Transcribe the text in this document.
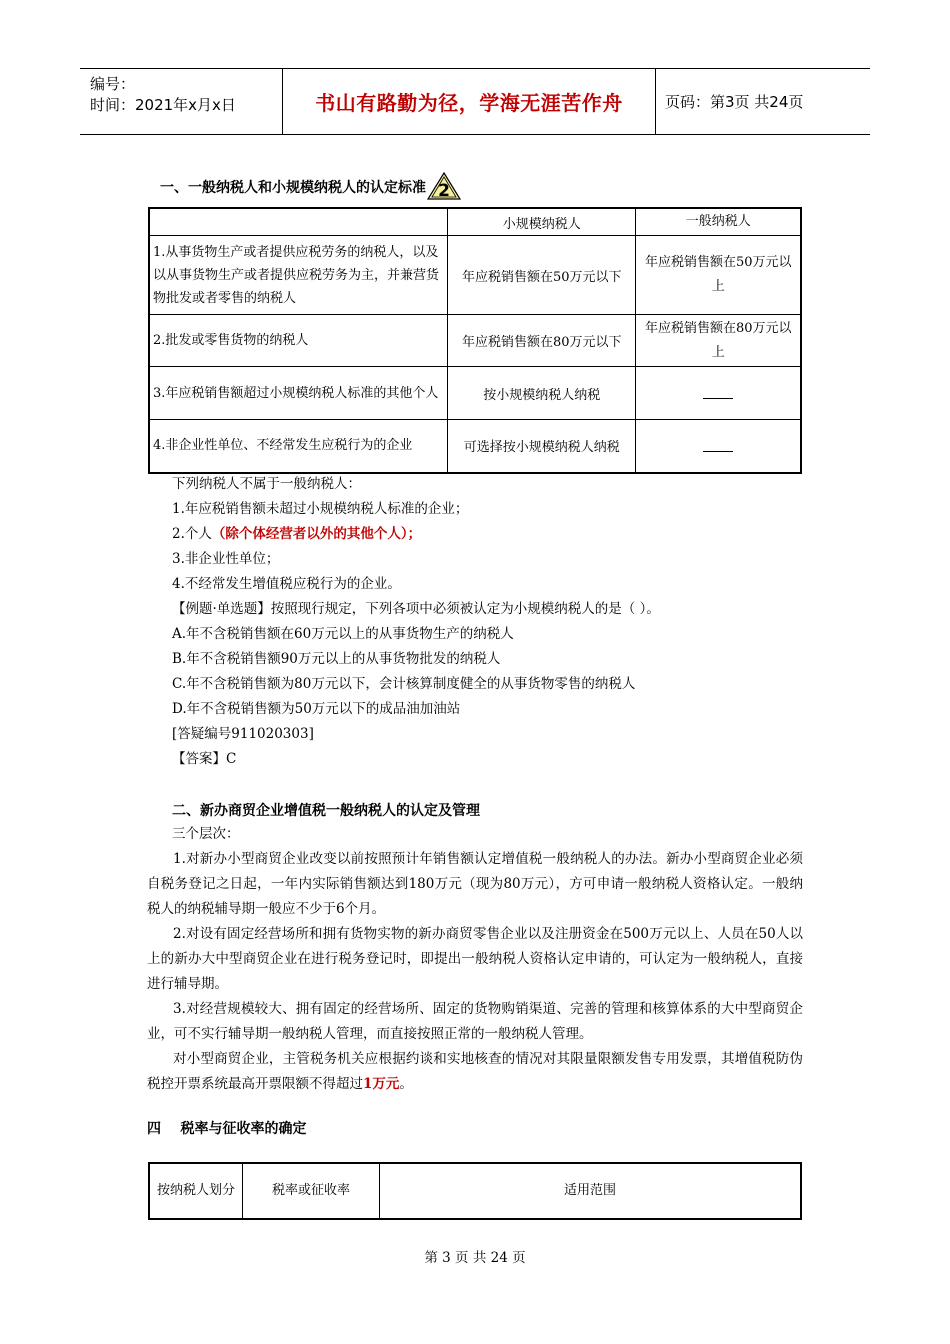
编号：
时间：2021年x月x日	书山有路勤为径，学海无涯苦作舟	页码：第3页 共24页
一、一般纳税人和小规模纳税人的认定标准 2
	小规模纳税人	一般纳税人
1.从事货物生产或者提供应税劳务的纳税人，以及以从事货物生产或者提供应税劳务为主，并兼营货物批发或者零售的纳税人	年应税销售额在50万元以下	年应税销售额在50万元以上
2.批发或零售货物的纳税人	年应税销售额在80万元以下	年应税销售额在80万元以上
3.年应税销售额超过小规模纳税人标准的其他个人	按小规模纳税人纳税	
4.非企业性单位、不经常发生应税行为的企业	可选择按小规模纳税人纳税	
下列纳税人不属于一般纳税人：
1.年应税销售额未超过小规模纳税人标准的企业；
2.个人（除个体经营者以外的其他个人）；
3.非企业性单位；
4.不经常发生增值税应税行为的企业。
【例题·单选题】按照现行规定，下列各项中必须被认定为小规模纳税人的是（ ）。
A.年不含税销售额在60万元以上的从事货物生产的纳税人
B.年不含税销售额90万元以上的从事货物批发的纳税人
C.年不含税销售额为80万元以下，会计核算制度健全的从事货物零售的纳税人
D.年不含税销售额为50万元以下的成品油加油站
[答疑编号911020303]
【答案】C
二、新办商贸企业增值税一般纳税人的认定及管理
三个层次：

1.对新办小型商贸企业改变以前按照预计年销售额认定增值税一般纳税人的办法。新办小型商贸企业必须自税务登记之日起，一年内实际销售额达到180万元（现为80万元），方可申请一般纳税人资格认定。一般纳税人的纳税辅导期一般应不少于6个月。

2.对设有固定经营场所和拥有货物实物的新办商贸零售企业以及注册资金在500万元以上、人员在50人以上的新办大中型商贸企业在进行税务登记时，即提出一般纳税人资格认定申请的，可认定为一般纳税人，直接进行辅导期。

3.对经营规模较大、拥有固定的经营场所、固定的货物购销渠道、完善的管理和核算体系的大中型商贸企业，可不实行辅导期一般纳税人管理，而直接按照正常的一般纳税人管理。

对小型商贸企业，主管税务机关应根据约谈和实地核查的情况对其限量限额发售专用发票，其增值税防伪税控开票系统最高开票限额不得超过1万元。

四    税率与征收率的确定
按纳税人划分	税率或征收率	适用范围
第 3 页 共 24 页
